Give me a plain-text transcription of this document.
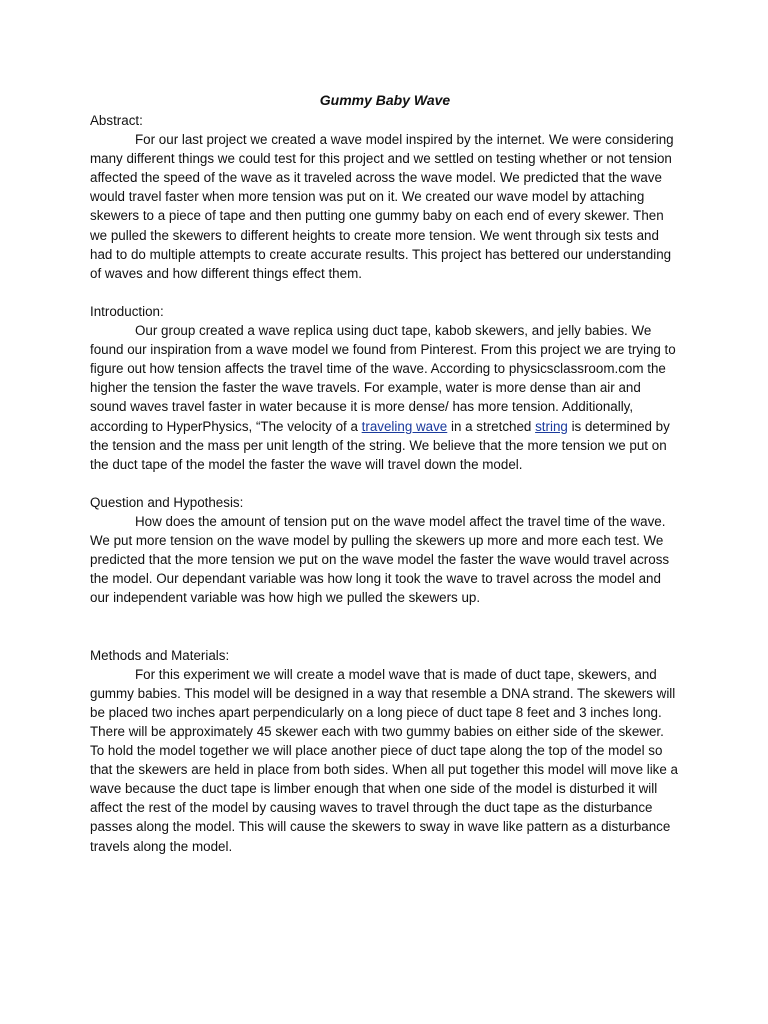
Gummy Baby Wave

Abstract:

For our last project we created a wave model inspired by the internet. We were considering many different things we could test for this project and we settled on testing whether or not tension affected the speed of the wave as it traveled across the wave model. We predicted that the wave would travel faster when more tension was put on it. We created our wave model by attaching skewers to a piece of tape and then putting one gummy baby on each end of every skewer. Then we pulled the skewers to different heights to create more tension. We went through six tests and had to do multiple attempts to create accurate results. This project has bettered our understanding of waves and how different things effect them.

Introduction:

Our group created a wave replica using duct tape, kabob skewers, and jelly babies. We found our inspiration from a wave model we found from Pinterest. From this project we are trying to figure out how tension affects the travel time of the wave. According to physicsclassroom.com the higher the tension the faster the wave travels. For example, water is more dense than air and sound waves travel faster in water because it is more dense/ has more tension. Additionally, according to HyperPhysics, “The velocity of a traveling wave in a stretched string is determined by the tension and the mass per unit length of the string. We believe that the more tension we put on the duct tape of the model the faster the wave will travel down the model.

Question and Hypothesis:

How does the amount of tension put on the wave model affect the travel time of the wave. We put more tension on the wave model by pulling the skewers up more and more each test. We predicted that the more tension we put on the wave model the faster the wave would travel across the model. Our dependant variable was how long it took the wave to travel across the model and our independent variable was how high we pulled the skewers up.

Methods and Materials:

For this experiment we will create a model wave that is made of duct tape, skewers, and gummy babies. This model will be designed in a way that resemble a DNA strand. The skewers will be placed two inches apart perpendicularly on a long piece of duct tape 8 feet and 3 inches long. There will be approximately 45 skewer each with two gummy babies on either side of the skewer. To hold the model together we will place another piece of duct tape along the top of the model so that the skewers are held in place from both sides. When all put together this model will move like a wave because the duct tape is limber enough that when one side of the model is disturbed it will affect the rest of the model by causing waves to travel through the duct tape as the disturbance passes along the model. This will cause the skewers to sway in wave like pattern as a disturbance travels along the model.
